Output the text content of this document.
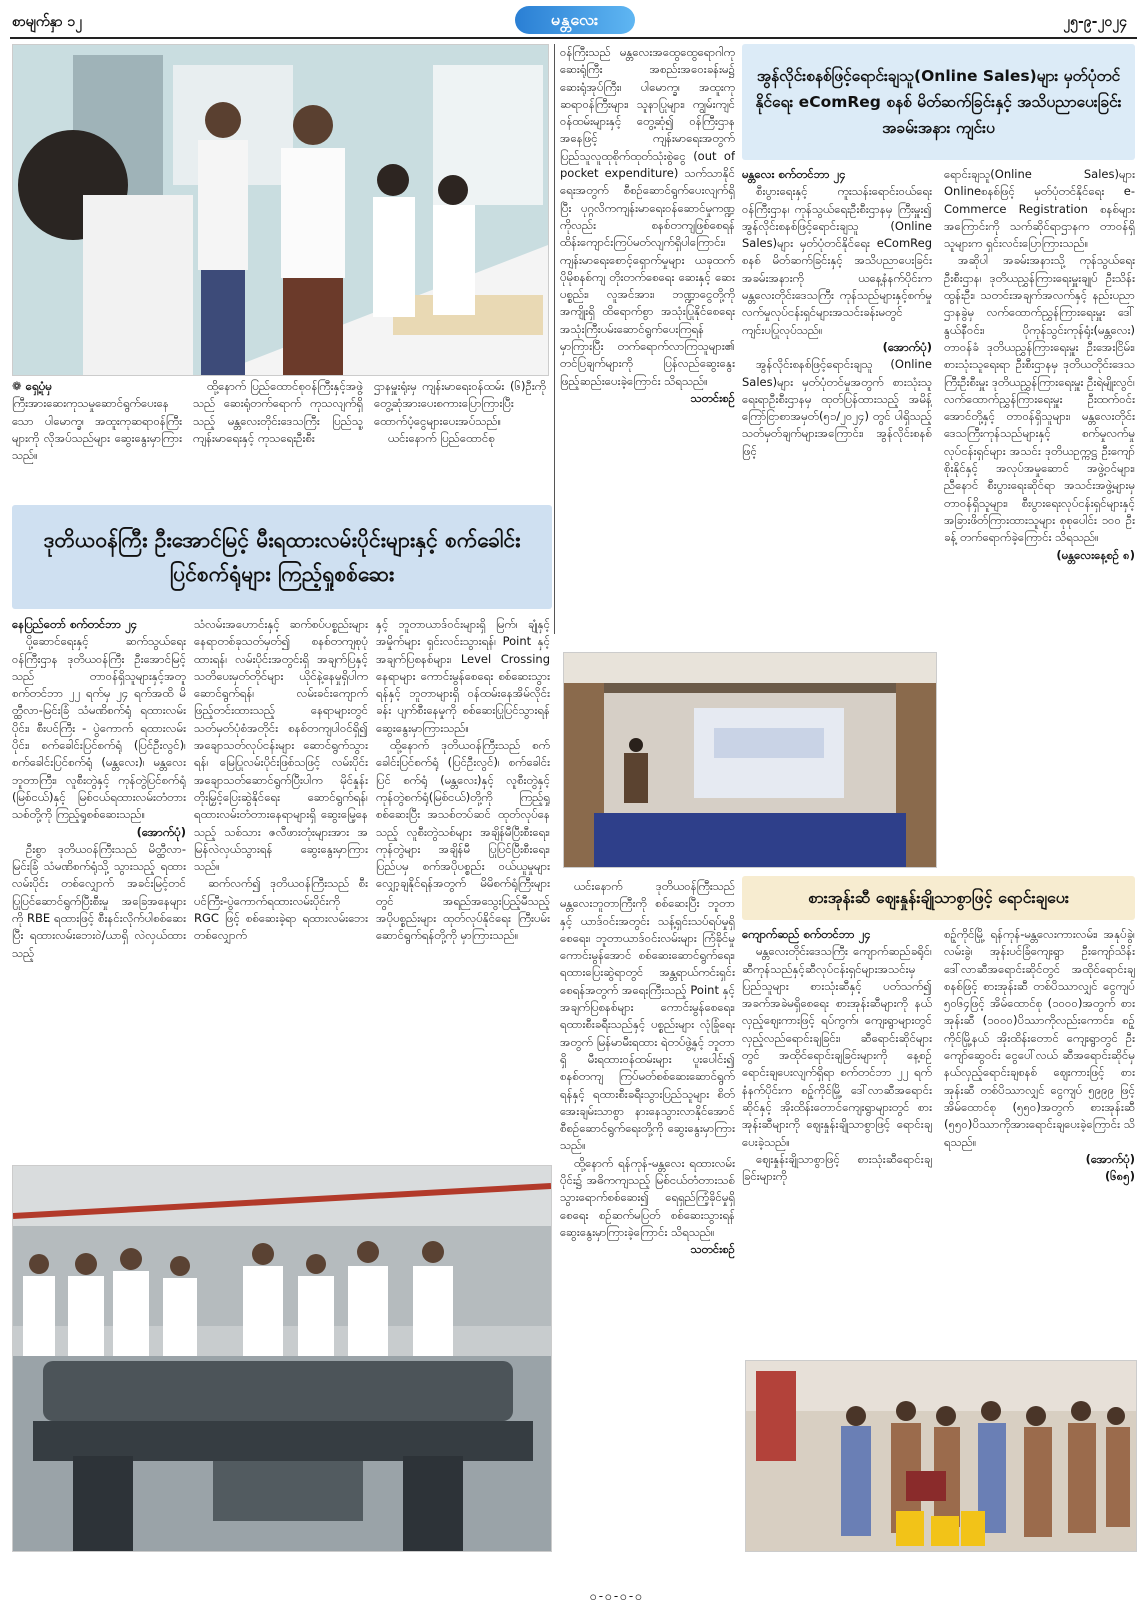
စာမျက်နှာ ၁၂	မန္တလေး	၂၅-၉-၂၀၂၄

❁ ရှေ့ပုံမှ

ကြီးအားဆေးကုသမှုဆောင်ရွက်ပေးနေသော ပါမောက္ခ၊ အထူးကုဆရာဝန်ကြီးများကို လိုအပ်သည်များ ဆွေးနွေးမှာကြားသည်။

ထို့နောက် ပြည်ထောင်စုဝန်ကြီးနှင့်အဖွဲ့သည် ဆေးရုံတက်ရောက် ကုသလျက်ရှိသည့် မန္တလေးတိုင်းဒေသကြီး ပြည်သူ့ကျန်းမာရေးနှင့် ကုသရေးဦးစီး

ဌာနမှူးရုံးမှ ကျန်းမာရေးဝန်ထမ်း (၆)ဦးကို တွေ့ဆုံအားပေးစကားပြောကြားပြီး ထောက်ပံ့ငွေများပေးအပ်သည်။

ယင်းနောက် ပြည်ထောင်စု

ဒုတိယဝန်ကြီး ဦးအောင်မြင့် မီးရထားလမ်းပိုင်းများနှင့် စက်ခေါင်းပြင်စက်ရုံများ ကြည့်ရှုစစ်ဆေး

နေပြည်တော် စက်တင်ဘာ ၂၄

ပို့ဆောင်ရေးနှင့် ဆက်သွယ်ရေးဝန်ကြီးဌာန ဒုတိယဝန်ကြီး ဦးအောင်မြင့်သည် တာဝန်ရှိသူများနှင့်အတူ စက်တင်ဘာ ၂၂ ရက်မှ ၂၄ ရက်အထိ မိတ္ထီလာ-မြင်းခြံ သံမဏိစက်ရုံ ရထားလမ်းပိုင်း၊ စီးပင်ကြီး - ပွဲကောက် ရထားလမ်းပိုင်း၊ စက်ခေါင်းပြင်စက်ရုံ (ပြင်ဦးလွင်)၊ စက်ခေါင်းပြင်စက်ရုံ (မန္တလေး)၊ မန္တလေးဘူတာကြီး၊ လူစီးတွဲနှင့် ကုန်တွဲပြင်စက်ရုံ (မြစ်ငယ်)နှင့် မြစ်ငယ်ရထားလမ်းတံတားသစ်တို့ကို ကြည့်ရှုစစ်ဆေးသည်။

(အောက်ပုံ)

ဦးစွာ ဒုတိယဝန်ကြီးသည် မိတ္ထီလာ-မြင်းခြံ သံမဏိစက်ရုံသို့ သွားသည့် ရထားလမ်းပိုင်း တစ်လျှောက် အခင်းမြင့်တင် ပြုပြင်ဆောင်ရွက်ပြီးစီးမှု အခြေအနေများကို RBE ရထားဖြင့် စီးနင်းလိုက်ပါစစ်ဆေးပြီး ရထားလမ်းဘေးဝဲ/ယာရှိ လဲလှယ်ထားသည့်

သံလမ်းအဟောင်းနှင့် ဆက်စပ်ပစ္စည်းများ နေရာတစ်ခုသတ်မှတ်၍ စနစ်တကျစုပုံထားရန်၊ လမ်းပိုင်းအတွင်းရှိ အချက်ပြနှင့် သတိပေးမှတ်တိုင်များ ယိုင်နဲ့နေမှုရှိပါက ဆောင်ရွက်ရန်၊ လမ်းခင်းကျောက်ဖြည့်တင်းထားသည့် နေရာများတွင် သတ်မှတ်ပုံစံအတိုင်း စနစ်တကျပါဝင်ရှိ၍ အချောသတ်လုပ်ငန်းများ ဆောင်ရွက်သွားရန်၊ မြေပြုလမ်းပိုင်းဖြစ်သဖြင့် လမ်းပိုင်းအချောသတ်ဆောင်ရွက်ပြီးပါက မိုင်နှုန်းတိုးမြှင့်ပြေးဆွဲနိုင်ရေး ဆောင်ရွက်ရန်၊ ရထားလမ်းတံတားနေရာများရှိ ဆွေးမြေ့နေသည့် သစ်သား ဇလီဖားတုံးများအား အမြန်လဲလှယ်သွားရန် ဆွေးနွေးမှာကြားသည်။

ဆက်လက်၍ ဒုတိယဝန်ကြီးသည် စီးပင်ကြီး-ပွဲကောက်ရထားလမ်းပိုင်းကို RGC ဖြင့် စစ်ဆေးခဲ့ရာ ရထားလမ်းဘေး တစ်လျှောက်

နှင့် ဘူတာယာဒ်ဝင်းများရှိ မြက်၊ ချုံနှင့် အမှိုက်များ ရှင်းလင်းသွားရန်၊ Point နှင့် အချက်ပြစနစ်များ၊ Level Crossing နေရာများ ကောင်းမွန်စေရေး စစ်ဆေးသွားရန်နှင့် ဘူတာများရှိ ဝန်ထမ်းနေအိမ်လိုင်းခန်း ပျက်စီးနေမှုကို စစ်ဆေးပြုပြင်သွားရန် ဆွေးနွေးမှာကြားသည်။

ထို့နောက် ဒုတိယဝန်ကြီးသည် စက်ခေါင်းပြင်စက်ရုံ (ပြင်ဦးလွင်)၊ စက်ခေါင်းပြင် စက်ရုံ (မန္တလေး)နှင့် လူစီးတွဲနှင့် ကုန်တွဲစက်ရုံ(မြစ်ငယ်)တို့ကို ကြည့်ရှုစစ်ဆေးပြီး အသစ်တပ်ဆင် ထုတ်လုပ်နေသည့် လူစီးတွဲသစ်များ အချိန်မီပြီးစီးရေး၊ ကုန်တွဲများ အချိန်မီ ပြုပြင်ပြီးစီးရေး၊ ပြည်ပမှ စက်အပိုပစ္စည်း ဝယ်ယူမှုများ လျှော့ချနိုင်ရန်အတွက် မိမိစက်ရုံကြီးများတွင် အရည်အသွေးပြည့်မီသည့် အပိုပစ္စည်းများ ထုတ်လုပ်နိုင်ရေး ကြီးပမ်းဆောင်ရွက်ရန်တို့ကို မှာကြားသည်။

ဝန်ကြီးသည် မန္တလေးအထွေထွေရောဂါကုဆေးရုံကြီး အစည်းအဝေးခန်းမ၌ ဆေးရုံအုပ်ကြီး၊ ပါမောက္ခ၊ အထူးကုဆရာဝန်ကြီးများ၊ သူနာပြုများ၊ ကျွမ်းကျင်ဝန်ထမ်းများနှင့် တွေ့ဆုံ၍ ဝန်ကြီးဌာနအနေဖြင့် ကျန်းမာရေးအတွက် ပြည်သူလူထုစိုက်ထုတ်သုံးစွဲငွေ (out of pocket expenditure) သက်သာနိုင်ရေးအတွက် စီစဉ်ဆောင်ရွက်ပေးလျက်ရှိပြီး ပုဂ္ဂလိကကျန်းမာရေးဝန်ဆောင်မှုကဏ္ဍကိုလည်း စနစ်တကျဖြစ်စေရန် ထိန်းကျောင်းကြပ်မတ်လျက်ရှိပါကြောင်း၊ ကျန်းမာရေးစောင့်ရှောက်မှုများ ယခုထက်ပိုမိုစနစ်ကျ တိုးတက်စေရေး ဆေးနှင့် ဆေးပစ္စည်း၊ လူအင်အား၊ ဘဏ္ဍာငွေတို့ကို အကျိုးရှိ ထိရောက်စွာ အသုံးပြုနိုင်စေရေး အသုံးကြီးပမ်းဆောင်ရွက်ပေးကြရန် မှာကြားပြီး တက်ရောက်လာကြသူများ၏ တင်ပြချက်များကို ပြန်လည်ဆွေးနွေးဖြည့်ဆည်းပေးခဲ့ကြောင်း သိရသည်။

သတင်းစဉ်
အွန်လိုင်းစနစ်ဖြင့်ရောင်းချသူ(Online Sales)များ မှတ်ပုံတင်နိုင်ရေး eComReg စနစ် မိတ်ဆက်ခြင်းနှင့် အသိပညာပေးခြင်း အခမ်းအနား ကျင်းပ

မန္တလေး စက်တင်ဘာ ၂၄

စီးပွားရေးနှင့် ကူးသန်းရောင်းဝယ်ရေးဝန်ကြီးဌာန၊ ကုန်သွယ်ရေးဦးစီးဌာနမှ ကြီးမှူး၍ အွန်လိုင်းစနစ်ဖြင့်ရောင်းချသူ (Online Sales)များ မှတ်ပုံတင်နိုင်ရေး eComReg စနစ် မိတ်ဆက်ခြင်းနှင့် အသိပညာပေးခြင်း အခမ်းအနားကို ယနေ့နံနက်ပိုင်းက မန္တလေးတိုင်းဒေသကြီး ကုန်သည်များနှင့်စက်မှုလက်မှုလုပ်ငန်းရှင်များအသင်းခန်းမတွင် ကျင်းပပြုလုပ်သည်။

(အောက်ပုံ)

အွန်လိုင်းစနစ်ဖြင့်ရောင်းချသူ (Online Sales)များ မှတ်ပုံတင်မှုအတွက် စားသုံးသူရေးရာဦးစီးဌာနမှ ထုတ်ပြန်ထားသည့် အမိန့်ကြော်ငြာစာအမှတ်(၅၁/၂၀၂၄) တွင် ပါရှိသည့် သတ်မှတ်ချက်များအကြောင်း၊ အွန်လိုင်းစနစ်ဖြင့်

ရောင်းချသူ(Online Sales)များ Onlineစနစ်ဖြင့် မှတ်ပုံတင်နိုင်ရေး e-Commerce Registration စနစ်များ အကြောင်းကို သက်ဆိုင်ရာဌာနက တာဝန်ရှိသူများက ရှင်းလင်းပြောကြားသည်။

အဆိုပါ အခမ်းအနားသို့ ကုန်သွယ်ရေးဦးစီးဌာန၊ ဒုတိယညွှန်ကြားရေးမှူးချုပ် ဦးသိန်းထွန်းဦး၊ သတင်းအချက်အလက်နှင့် နည်းပညာဌာနခွဲမှ လက်ထောက်ညွှန်ကြားရေးမှူး ဒေါ်နွယ်နီဝင်း၊ ပိုကုန်သွင်းကုန်ရုံး(မန္တလေး) တာဝန်ခံ ဒုတိယညွှန်ကြားရေးမှူး ဦးအေးငြိမ်း၊ စားသုံးသူရေးရာ ဦးစီးဌာနမှ ဒုတိယတိုင်းဒေသကြီးဦးစီးမှူး ဒုတိယညွှန်ကြားရေးမှူး ဦးရဲမျိုးလွင်၊ လက်ထောက်ညွှန်ကြားရေးမှူး ဦးထက်ဝင်းအောင်တို့နှင့် တာဝန်ရှိသူများ၊ မန္တလေးတိုင်းဒေသကြီးကုန်သည်များနှင့် စက်မှုလက်မှုလုပ်ငန်းရှင်များ အသင်း ဒုတိယဥက္ကဋ္ဌ ဦးကျော်စိုးနိုင်နှင့် အလုပ်အမှုဆောင် အဖွဲ့ဝင်များ၊ ညီနောင် စီးပွားရေးဆိုင်ရာ အသင်းအဖွဲ့များမှ တာဝန်ရှိသူများ၊ စီးပွားရေးလုပ်ငန်းရှင်များနှင့် အခြားဖိတ်ကြားထားသူများ စုစုပေါင်း ၁၀၀ ဦးခန့် တက်ရောက်ခဲ့ကြောင်း သိရသည်။

(မန္တလေးနေ့စဉ် ၈)

ယင်းနောက် ဒုတိယဝန်ကြီးသည် မန္တလေးဘူတာကြီးကို စစ်ဆေးပြီး ဘူတာနှင့် ယာဒ်ဝင်းအတွင်း သန့်ရှင်းသပ်ရပ်မှုရှိစေရေး၊ ဘူတာယာဒ်ဝင်းလမ်းများ ကြံခိုင်မှုကောင်းမွန်အောင် စစ်ဆေးဆောင်ရွက်ရေး၊ ရထားပြေးဆွဲရာတွင် အန္တရာယ်ကင်းရှင်းစေရန်အတွက် အရေးကြီးသည့် Point နှင့် အချက်ပြစနစ်များ ကောင်းမွန်စေရေး၊ ရထားစီးခရီးသည်နှင့် ပစ္စည်းများ လုံခြုံရေးအတွက် မြန်မာမီးရထား ရဲတပ်ဖွဲ့နှင့် ဘူတာရှိ မီးရထားဝန်ထမ်းများ ပူးပေါင်း၍ စနစ်တကျ ကြပ်မတ်စစ်ဆေးဆောင်ရွက်ရန်နှင့် ရထားစီးခရီးသွားပြည်သူများ စိတ်အေးချမ်းသာစွာ နားနေသွားလာနိုင်အောင် စီစဉ်ဆောင်ရွက်ရေးတို့ကို ဆွေးနွေးမှာကြားသည်။

ထို့နောက် ရန်ကုန်-မန္တလေး ရထားလမ်းပိုင်း၌ အဓိကကျသည့် မြစ်ငယ်တံတားသစ် သွားရောက်စစ်ဆေး၍ ရေရှည်ကြံ့ခိုင်မှုရှိစေရေး စဉ်ဆက်မပြတ် စစ်ဆေးသွားရန် ဆွေးနွေးမှာကြားခဲ့ကြောင်း သိရသည်။

သတင်းစဉ်
စားအုန်းဆီ ဈေးနှုန်းချိုသာစွာဖြင့် ရောင်းချပေး

ကျောက်ဆည် စက်တင်ဘာ ၂၄

မန္တလေးတိုင်းဒေသကြီး ကျောက်ဆည်ခရိုင်၊ ဆီကုန်သည်နှင့်ဆီလုပ်ငန်းရှင်များအသင်းမှ ပြည်သူများ စားသုံးဆီနှင့် ပတ်သက်၍ အခက်အခဲမရှိစေရေး စားအုန်းဆီများကို နယ်လှည့်ဈေးကားဖြင့် ရပ်ကွက်၊ ကျေးရွာများတွင် လှည့်လည်ရောင်းချခြင်း၊ ဆီရောင်းဆိုင်များတွင် အထိုင်ရောင်းချခြင်းများကို နေ့စဉ်ရောင်းချပေးလျက်ရှိရာ စက်တင်ဘာ ၂၂ ရက် နံနက်ပိုင်းက စဉ့်ကိုင်မြို့ ဒေါ်လာဆီအရောင်းဆိုင်နှင့် အိုးထိန်းတောင်ကျေးရွာများတွင် စားအုန်းဆီများကို ဈေးနှုန်းချိုသာစွာဖြင့် ရောင်းချပေးခဲ့သည်။

ဈေးနှုန်းချိုသာစွာဖြင့် စားသုံးဆီရောင်းချခြင်းများကို

စဉ့်ကိုင်မြို့ ရန်ကုန်-မန္တလေးကားလမ်း၊ အနုပ်ခွဲ၊ လမ်းခွဲ၊ အုန်းပင်ခြံကျေးရွာ ဦးကျော်သိန်း ဒေါ်လာဆီအရောင်းဆိုင်တွင် အထိုင်ရောင်းချစနစ်ဖြင့် စားအုန်းဆီ တစ်ပိဿာလျှင် ငွေကျပ် ၅၀၆၄ဖြင့် အိမ်ထောင်စု (၁၀၀၀)အတွက် စားအုန်းဆီ (၁၀၀၀)ပိဿာကိုလည်းကောင်း၊ စဉ့်ကိုင်မြို့နယ် အိုးထိန်းတောင် ကျေးရွာတွင် ဦးကျော်ဆွေဝင်း ငွေပေါ်လယ် ဆီအရောင်းဆိုင်မှ နယ်လှည့်ရောင်းချစနစ် ဈေးကားဖြင့် စားအုန်းဆီ တစ်ပိဿာလျှင် ငွေကျပ် ၅၉၉၉ ဖြင့် အိမ်ထောင်စု (၅၅၀)အတွက် စားအုန်းဆီ (၅၅၀)ပိဿာကိုအားရောင်းချပေးခဲ့ကြောင်း သိရသည်။

(အောက်ပုံ)
(၆၈၅)
၀-၀-၀-၀
